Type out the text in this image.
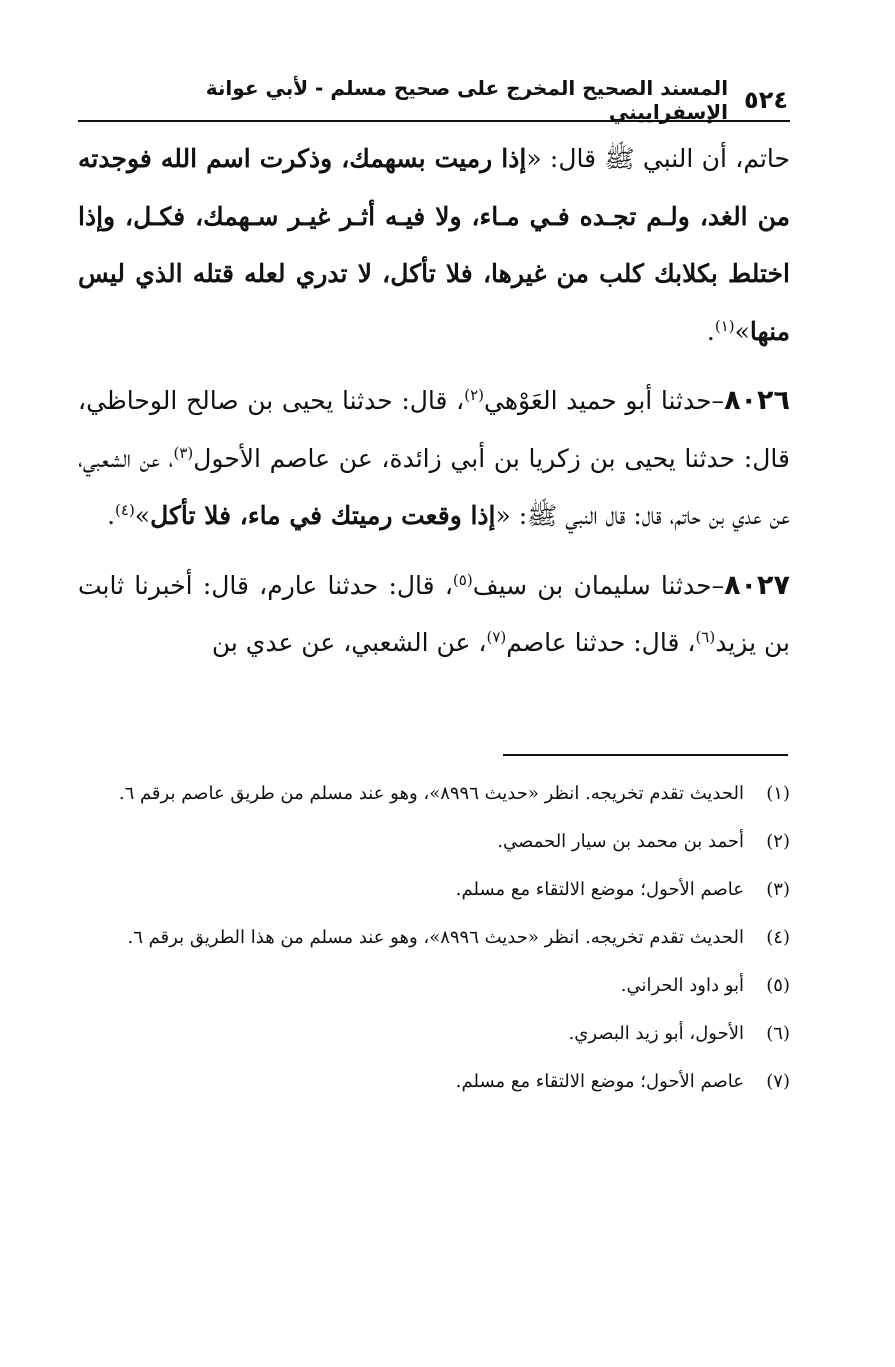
٥٢٤
المسند الصحيح المخرج على صحيح مسلم - لأبي عوانة الإسفراييني

حاتم، أن النبي ﷺ قال: «إذا رميت بسهمك، وذكرت اسم الله فوجدته من الغد، ولـم تجـده فـي مـاء، ولا فيـه أثـر غيـر سـهمك، فكـل، وإذا اختلط بكلابك كلب من غيرها، فلا تأكل، لا تدري لعله قتله الذي ليس منها»$^{(١)}$.

٨٠٢٦–حدثنا أبو حميد العَوْهي$^{(٢)}$، قال: حدثنا يحيى بن صالح الوحاظي، قال: حدثنا يحيى بن زكريا بن أبي زائدة، عن عاصم الأحول$^{(٣)}$، عن الشعبي، عن عدي بن حاتم، قال: قال النبي ﷺ: «إذا وقعت رميتك في ماء، فلا تأكل»$^{(٤)}$.

٨٠٢٧–حدثنا سليمان بن سيف$^{(٥)}$، قال: حدثنا عارم، قال: أخبرنا ثابت بن يزيد$^{(٦)}$، قال: حدثنا عاصم$^{(٧)}$، عن الشعبي، عن عدي بن

(١)
الحديث تقدم تخريجه. انظر «حديث ٨٩٩٦»، وهو عند مسلم من طريق عاصم برقم ٦.
(٢)
أحمد بن محمد بن سيار الحمصي.
(٣)
عاصم الأحول؛ موضع الالتقاء مع مسلم.
(٤)
الحديث تقدم تخريجه. انظر «حديث ٨٩٩٦»، وهو عند مسلم من هذا الطريق برقم ٦.
(٥)
أبو داود الحراني.
(٦)
الأحول، أبو زيد البصري.
(٧)
عاصم الأحول؛ موضع الالتقاء مع مسلم.
